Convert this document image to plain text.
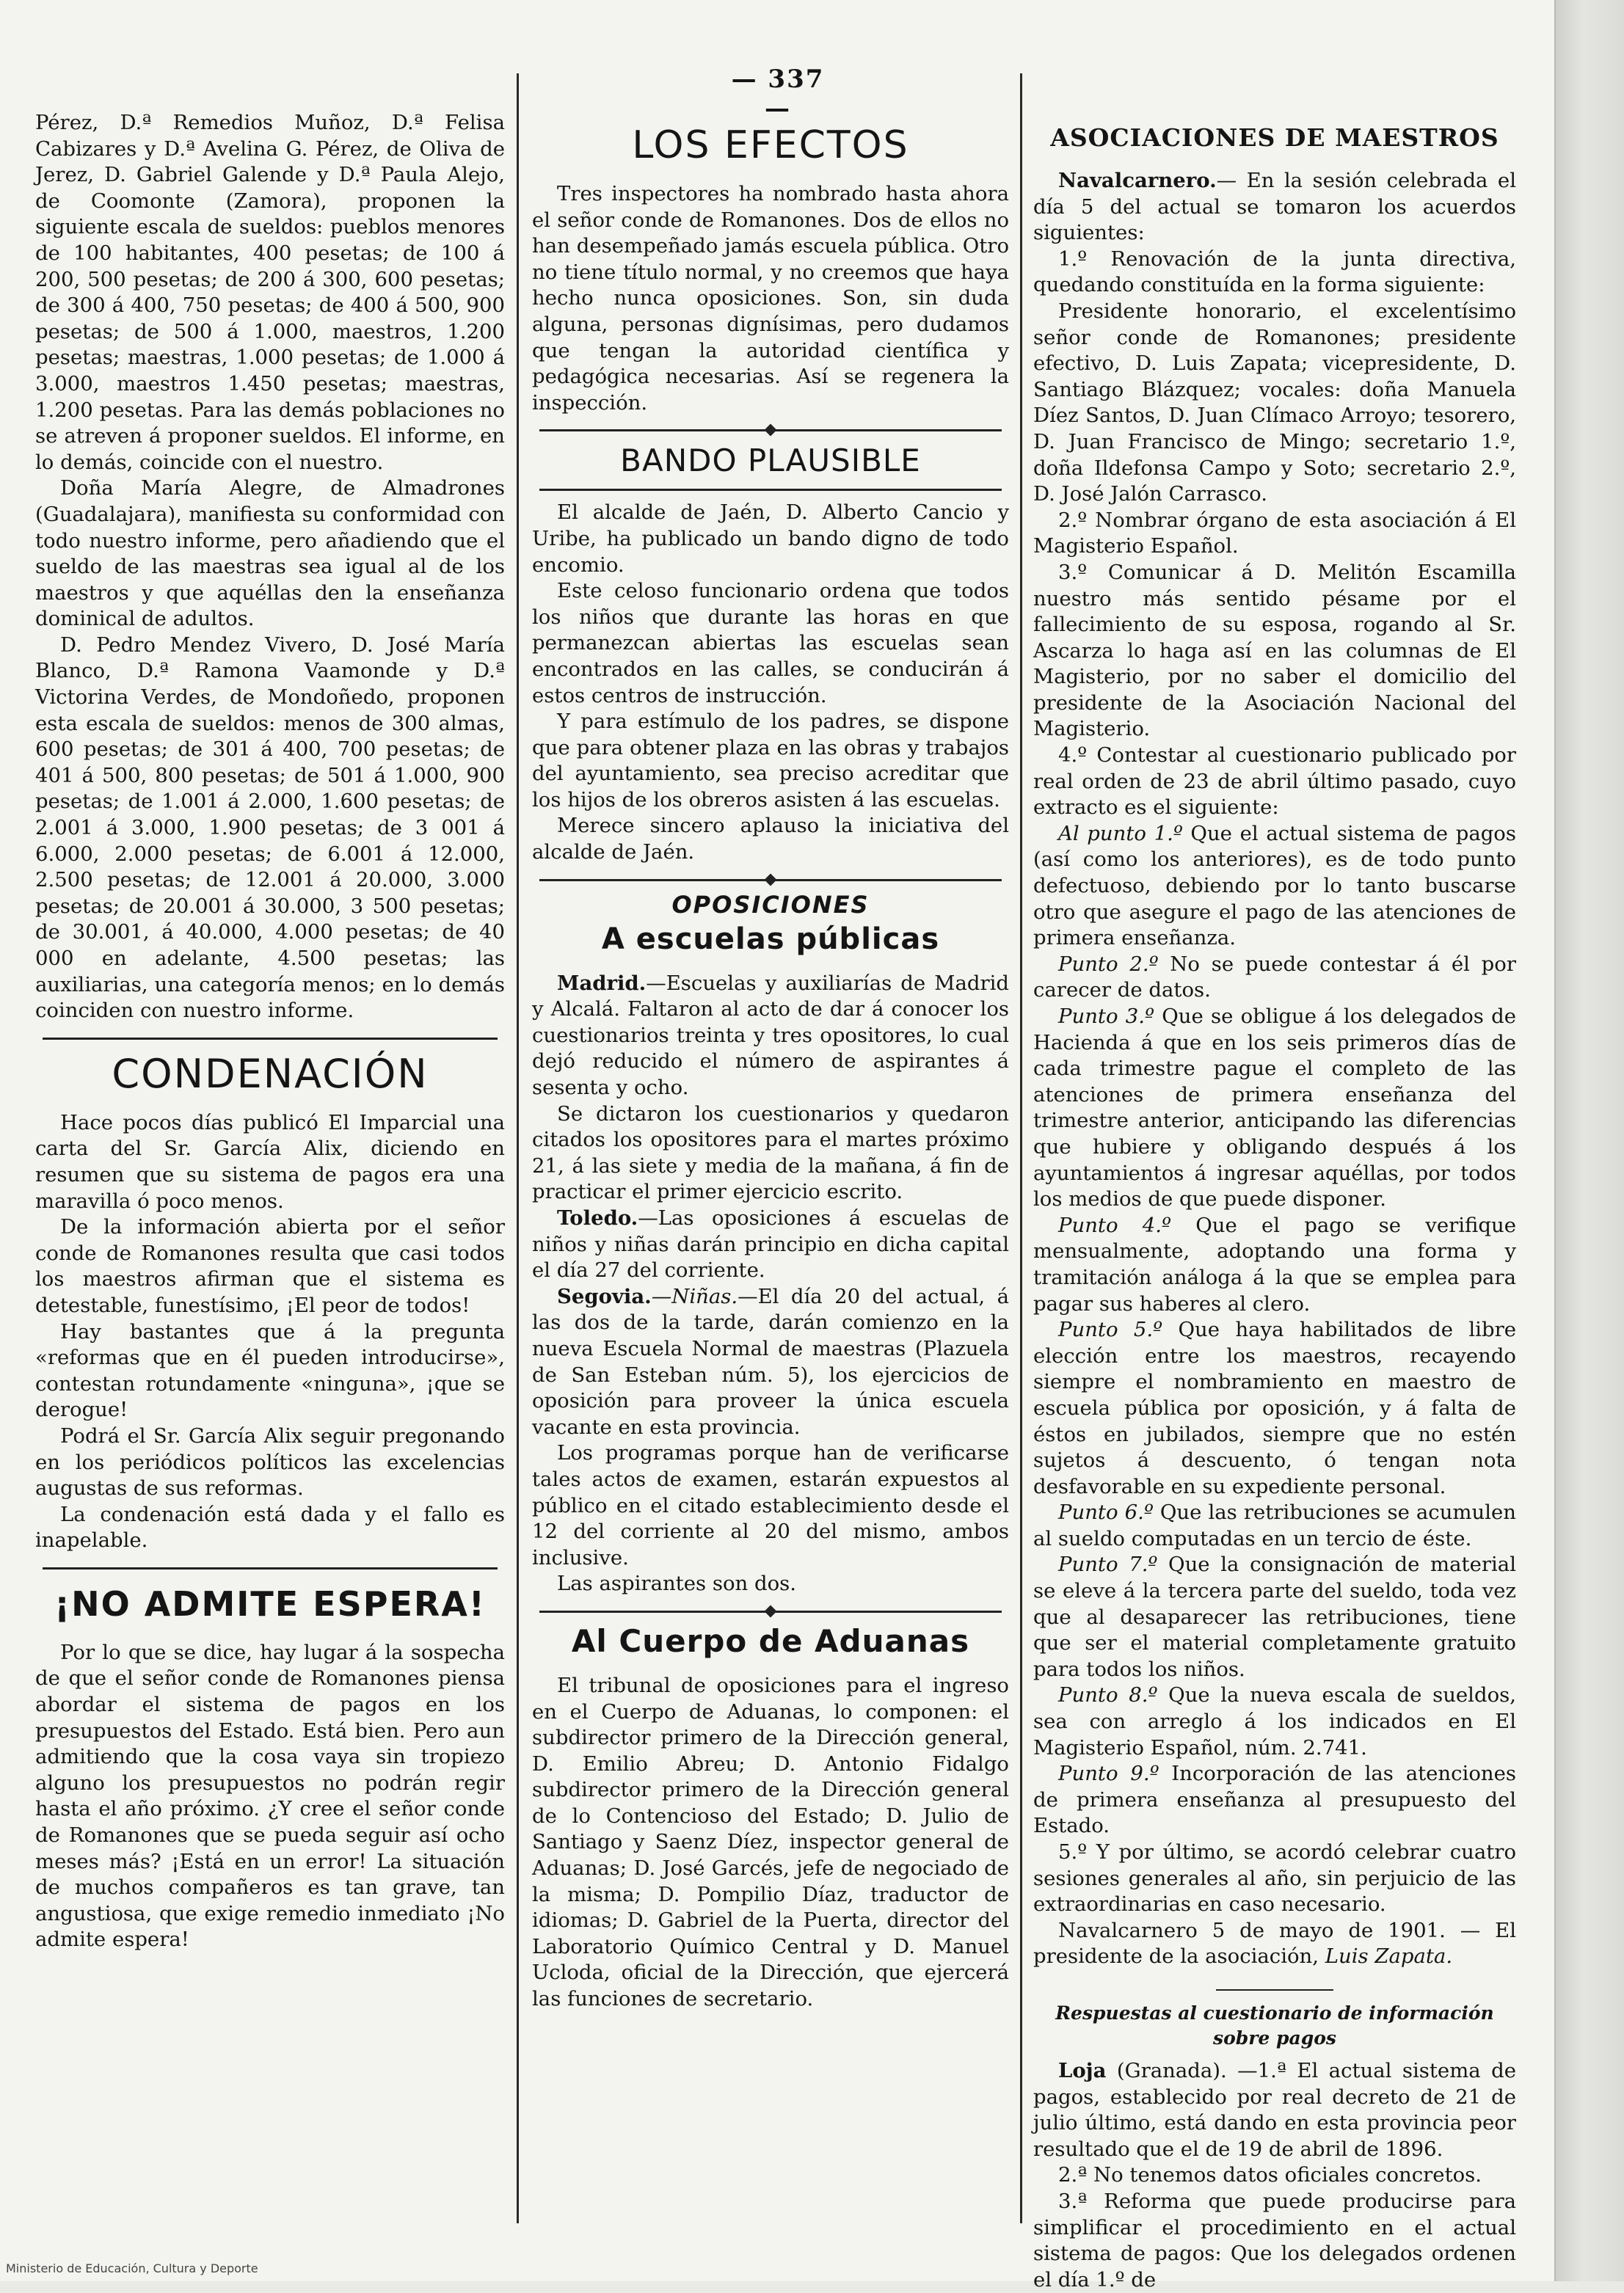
— 337 —

Pérez, D.ª Remedios Muñoz, D.ª Felisa Cabizares y D.ª Avelina G. Pérez, de Oliva de Jerez, D. Gabriel Galende y D.ª Paula Alejo, de Coomonte (Zamora), proponen la siguiente escala de sueldos: pueblos menores de 100 habitantes, 400 pesetas; de 100 á 200, 500 pesetas; de 200 á 300, 600 pesetas; de 300 á 400, 750 pesetas; de 400 á 500, 900 pesetas; de 500 á 1.000, maestros, 1.200 pesetas; maestras, 1.000 pesetas; de 1.000 á 3.000, maestros 1.450 pesetas; maestras, 1.200 pesetas. Para las demás poblaciones no se atreven á proponer sueldos. El informe, en lo demás, coincide con el nuestro.

Doña María Alegre, de Almadrones (Guadalajara), manifiesta su conformidad con todo nuestro informe, pero añadiendo que el sueldo de las maestras sea igual al de los maestros y que aquéllas den la enseñanza dominical de adultos.

D. Pedro Mendez Vivero, D. José María Blanco, D.ª Ramona Vaamonde y D.ª Victorina Verdes, de Mondoñedo, proponen esta escala de sueldos: menos de 300 almas, 600 pesetas; de 301 á 400, 700 pesetas; de 401 á 500, 800 pesetas; de 501 á 1.000, 900 pesetas; de 1.001 á 2.000, 1.600 pesetas; de 2.001 á 3.000, 1.900 pesetas; de 3 001 á 6.000, 2.000 pesetas; de 6.001 á 12.000, 2.500 pesetas; de 12.001 á 20.000, 3.000 pesetas; de 20.001 á 30.000, 3 500 pesetas; de 30.001, á 40.000, 4.000 pesetas; de 40 000 en adelante, 4.500 pesetas; las auxiliarias, una categoría menos; en lo demás coinciden con nuestro informe.

CONDENACIÓN

Hace pocos días publicó El Imparcial una carta del Sr. García Alix, diciendo en resumen que su sistema de pagos era una maravilla ó poco menos.

De la información abierta por el señor conde de Romanones resulta que casi todos los maestros afirman que el sistema es detestable, funestísimo, ¡El peor de todos!

Hay bastantes que á la pregunta «reformas que en él pueden introducirse», contestan rotundamente «ninguna», ¡que se derogue!

Podrá el Sr. García Alix seguir pregonando en los periódicos políticos las excelencias augustas de sus reformas.

La condenación está dada y el fallo es inapelable.

¡NO ADMITE ESPERA!

Por lo que se dice, hay lugar á la sospecha de que el señor conde de Romanones piensa abordar el sistema de pagos en los presupuestos del Estado. Está bien. Pero aun admitiendo que la cosa vaya sin tropiezo alguno los presupuestos no podrán regir hasta el año próximo. ¿Y cree el señor conde de Romanones que se pueda seguir así ocho meses más? ¡Está en un error! La situación de muchos compañeros es tan grave, tan angustiosa, que exige remedio inmediato ¡No admite espera!

LOS EFECTOS

Tres inspectores ha nombrado hasta ahora el señor conde de Romanones. Dos de ellos no han desempeñado jamás escuela pública. Otro no tiene título normal, y no creemos que haya hecho nunca oposiciones. Son, sin duda alguna, personas dignísimas, pero dudamos que tengan la autoridad científica y pedagógica necesarias. Así se regenera la inspección.

BANDO PLAUSIBLE

El alcalde de Jaén, D. Alberto Cancio y Uribe, ha publicado un bando digno de todo encomio.

Este celoso funcionario ordena que todos los niños que durante las horas en que permanezcan abiertas las escuelas sean encontrados en las calles, se conducirán á estos centros de instrucción.

Y para estímulo de los padres, se dispone que para obtener plaza en las obras y trabajos del ayuntamiento, sea preciso acreditar que los hijos de los obreros asisten á las escuelas.

Merece sincero aplauso la iniciativa del alcalde de Jaén.

OPOSICIONES
A escuelas públicas

Madrid.—Escuelas y auxiliarías de Madrid y Alcalá. Faltaron al acto de dar á conocer los cuestionarios treinta y tres opositores, lo cual dejó reducido el número de aspirantes á sesenta y ocho.

Se dictaron los cuestionarios y quedaron citados los opositores para el martes próximo 21, á las siete y media de la mañana, á fin de practicar el primer ejercicio escrito.

Toledo.—Las oposiciones á escuelas de niños y niñas darán principio en dicha capital el día 27 del corriente.

Segovia.—Niñas.—El día 20 del actual, á las dos de la tarde, darán comienzo en la nueva Escuela Normal de maestras (Plazuela de San Esteban núm. 5), los ejercicios de oposición para proveer la única escuela vacante en esta provincia.

Los programas porque han de verificarse tales actos de examen, estarán expuestos al público en el citado establecimiento desde el 12 del corriente al 20 del mismo, ambos inclusive.

Las aspirantes son dos.

Al Cuerpo de Aduanas

El tribunal de oposiciones para el ingreso en el Cuerpo de Aduanas, lo componen: el subdirector primero de la Dirección general, D. Emilio Abreu; D. Antonio Fidalgo subdirector primero de la Dirección general de lo Contencioso del Estado; D. Julio de Santiago y Saenz Díez, inspector general de Aduanas; D. José Garcés, jefe de negociado de la misma; D. Pompilio Díaz, traductor de idiomas; D. Gabriel de la Puerta, director del Laboratorio Químico Central y D. Manuel Ucloda, oficial de la Dirección, que ejercerá las funciones de secretario.

ASOCIACIONES DE MAESTROS

Navalcarnero.— En la sesión celebrada el día 5 del actual se tomaron los acuerdos siguientes:

1.º Renovación de la junta directiva, quedando constituída en la forma siguiente:

Presidente honorario, el excelentísimo señor conde de Romanones; presidente efectivo, D. Luis Zapata; vicepresidente, D. Santiago Blázquez; vocales: doña Manuela Díez Santos, D. Juan Clímaco Arroyo; tesorero, D. Juan Francisco de Mingo; secretario 1.º, doña Ildefonsa Campo y Soto; secretario 2.º, D. José Jalón Carrasco.

2.º Nombrar órgano de esta asociación á El Magisterio Español.

3.º Comunicar á D. Melitón Escamilla nuestro más sentido pésame por el fallecimiento de su esposa, rogando al Sr. Ascarza lo haga así en las columnas de El Magisterio, por no saber el domicilio del presidente de la Asociación Nacional del Magisterio.

4.º Contestar al cuestionario publicado por real orden de 23 de abril último pasado, cuyo extracto es el siguiente:

Al punto 1.º Que el actual sistema de pagos (así como los anteriores), es de todo punto defectuoso, debiendo por lo tanto buscarse otro que asegure el pago de las atenciones de primera enseñanza.

Punto 2.º No se puede contestar á él por carecer de datos.

Punto 3.º Que se obligue á los delegados de Hacienda á que en los seis primeros días de cada trimestre pague el completo de las atenciones de primera enseñanza del trimestre anterior, anticipando las diferencias que hubiere y obligando después á los ayuntamientos á ingresar aquéllas, por todos los medios de que puede disponer.

Punto 4.º Que el pago se verifique mensualmente, adoptando una forma y tramitación análoga á la que se emplea para pagar sus haberes al clero.

Punto 5.º Que haya habilitados de libre elección entre los maestros, recayendo siempre el nombramiento en maestro de escuela pública por oposición, y á falta de éstos en jubilados, siempre que no estén sujetos á descuento, ó tengan nota desfavorable en su expediente personal.

Punto 6.º Que las retribuciones se acumulen al sueldo computadas en un tercio de éste.

Punto 7.º Que la consignación de material se eleve á la tercera parte del sueldo, toda vez que al desaparecer las retribuciones, tiene que ser el material completamente gratuito para todos los niños.

Punto 8.º Que la nueva escala de sueldos, sea con arreglo á los indicados en El Magisterio Español, núm. 2.741.

Punto 9.º Incorporación de las atenciones de primera enseñanza al presupuesto del Estado.

5.º Y por último, se acordó celebrar cuatro sesiones generales al año, sin perjuicio de las extraordinarias en caso necesario.

Navalcarnero 5 de mayo de 1901. — El presidente de la asociación, Luis Zapata.

Respuestas al cuestionario de información sobre pagos

Loja (Granada). —1.ª El actual sistema de pagos, establecido por real decreto de 21 de julio último, está dando en esta provincia peor resultado que el de 19 de abril de 1896.

2.ª No tenemos datos oficiales concretos.

3.ª Reforma que puede producirse para simplificar el procedimiento en el actual sistema de pagos: Que los delegados ordenen el día 1.º de

Ministerio de Educación, Cultura y Deporte
